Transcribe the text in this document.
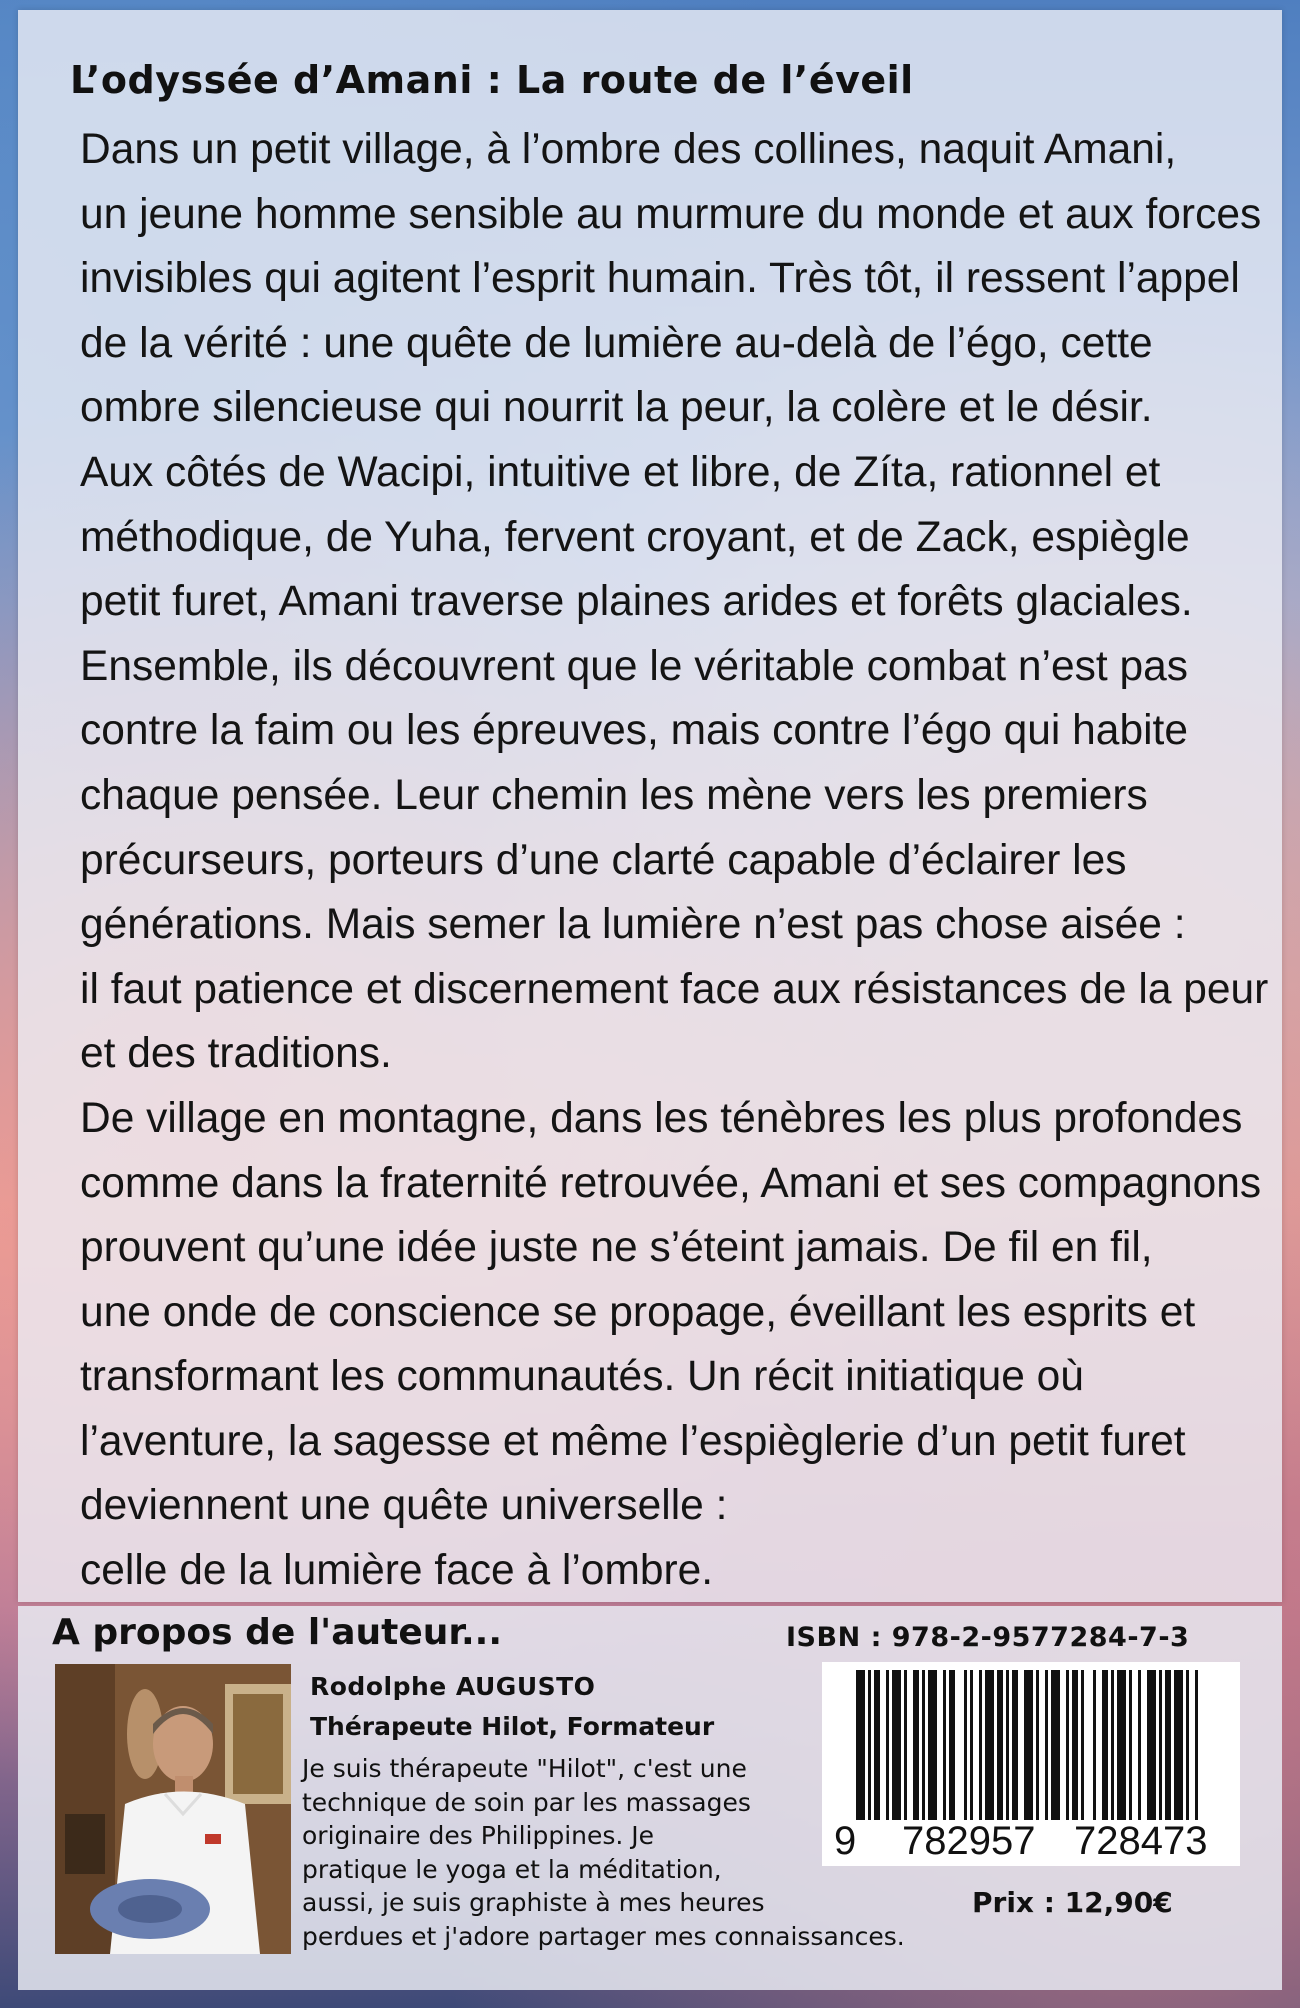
L’odyssée d’Amani : La route de l’éveil
Dans un petit village, à l’ombre des collines, naquit Amani,
un jeune homme sensible au murmure du monde et aux forces
invisibles qui agitent l’esprit humain. Très tôt, il ressent l’appel
de la vérité : une quête de lumière au-delà de l’égo, cette
ombre silencieuse qui nourrit la peur, la colère et le désir.
Aux côtés de Wacipi, intuitive et libre, de Zíta, rationnel et
méthodique, de Yuha, fervent croyant, et de Zack, espiègle
petit furet, Amani traverse plaines arides et forêts glaciales.
Ensemble, ils découvrent que le véritable combat n’est pas
contre la faim ou les épreuves, mais contre l’égo qui habite
chaque pensée. Leur chemin les mène vers les premiers
précurseurs, porteurs d’une clarté capable d’éclairer les
générations. Mais semer la lumière n’est pas chose aisée :
il faut patience et discernement face aux résistances de la peur
et des traditions.
De village en montagne, dans les ténèbres les plus profondes
comme dans la fraternité retrouvée, Amani et ses compagnons
prouvent qu’une idée juste ne s’éteint jamais. De fil en fil,
une onde de conscience se propage, éveillant les esprits et
transformant les communautés. Un récit initiatique où
l’aventure, la sagesse et même l’espièglerie d’un petit furet
deviennent une quête universelle :
celle de la lumière face à l’ombre.
A propos de l'auteur...	ISBN : 978-2-9577284-7-3
Rodolphe AUGUSTO
Thérapeute Hilot, Formateur
Je suis thérapeute "Hilot", c'est une
technique de soin par les massages
originaire des Philippines. Je
pratique le yoga et la méditation,
aussi, je suis graphiste à mes heures
perdues et j'adore partager mes connaissances.
9 782957 728473
Prix : 12,90€
